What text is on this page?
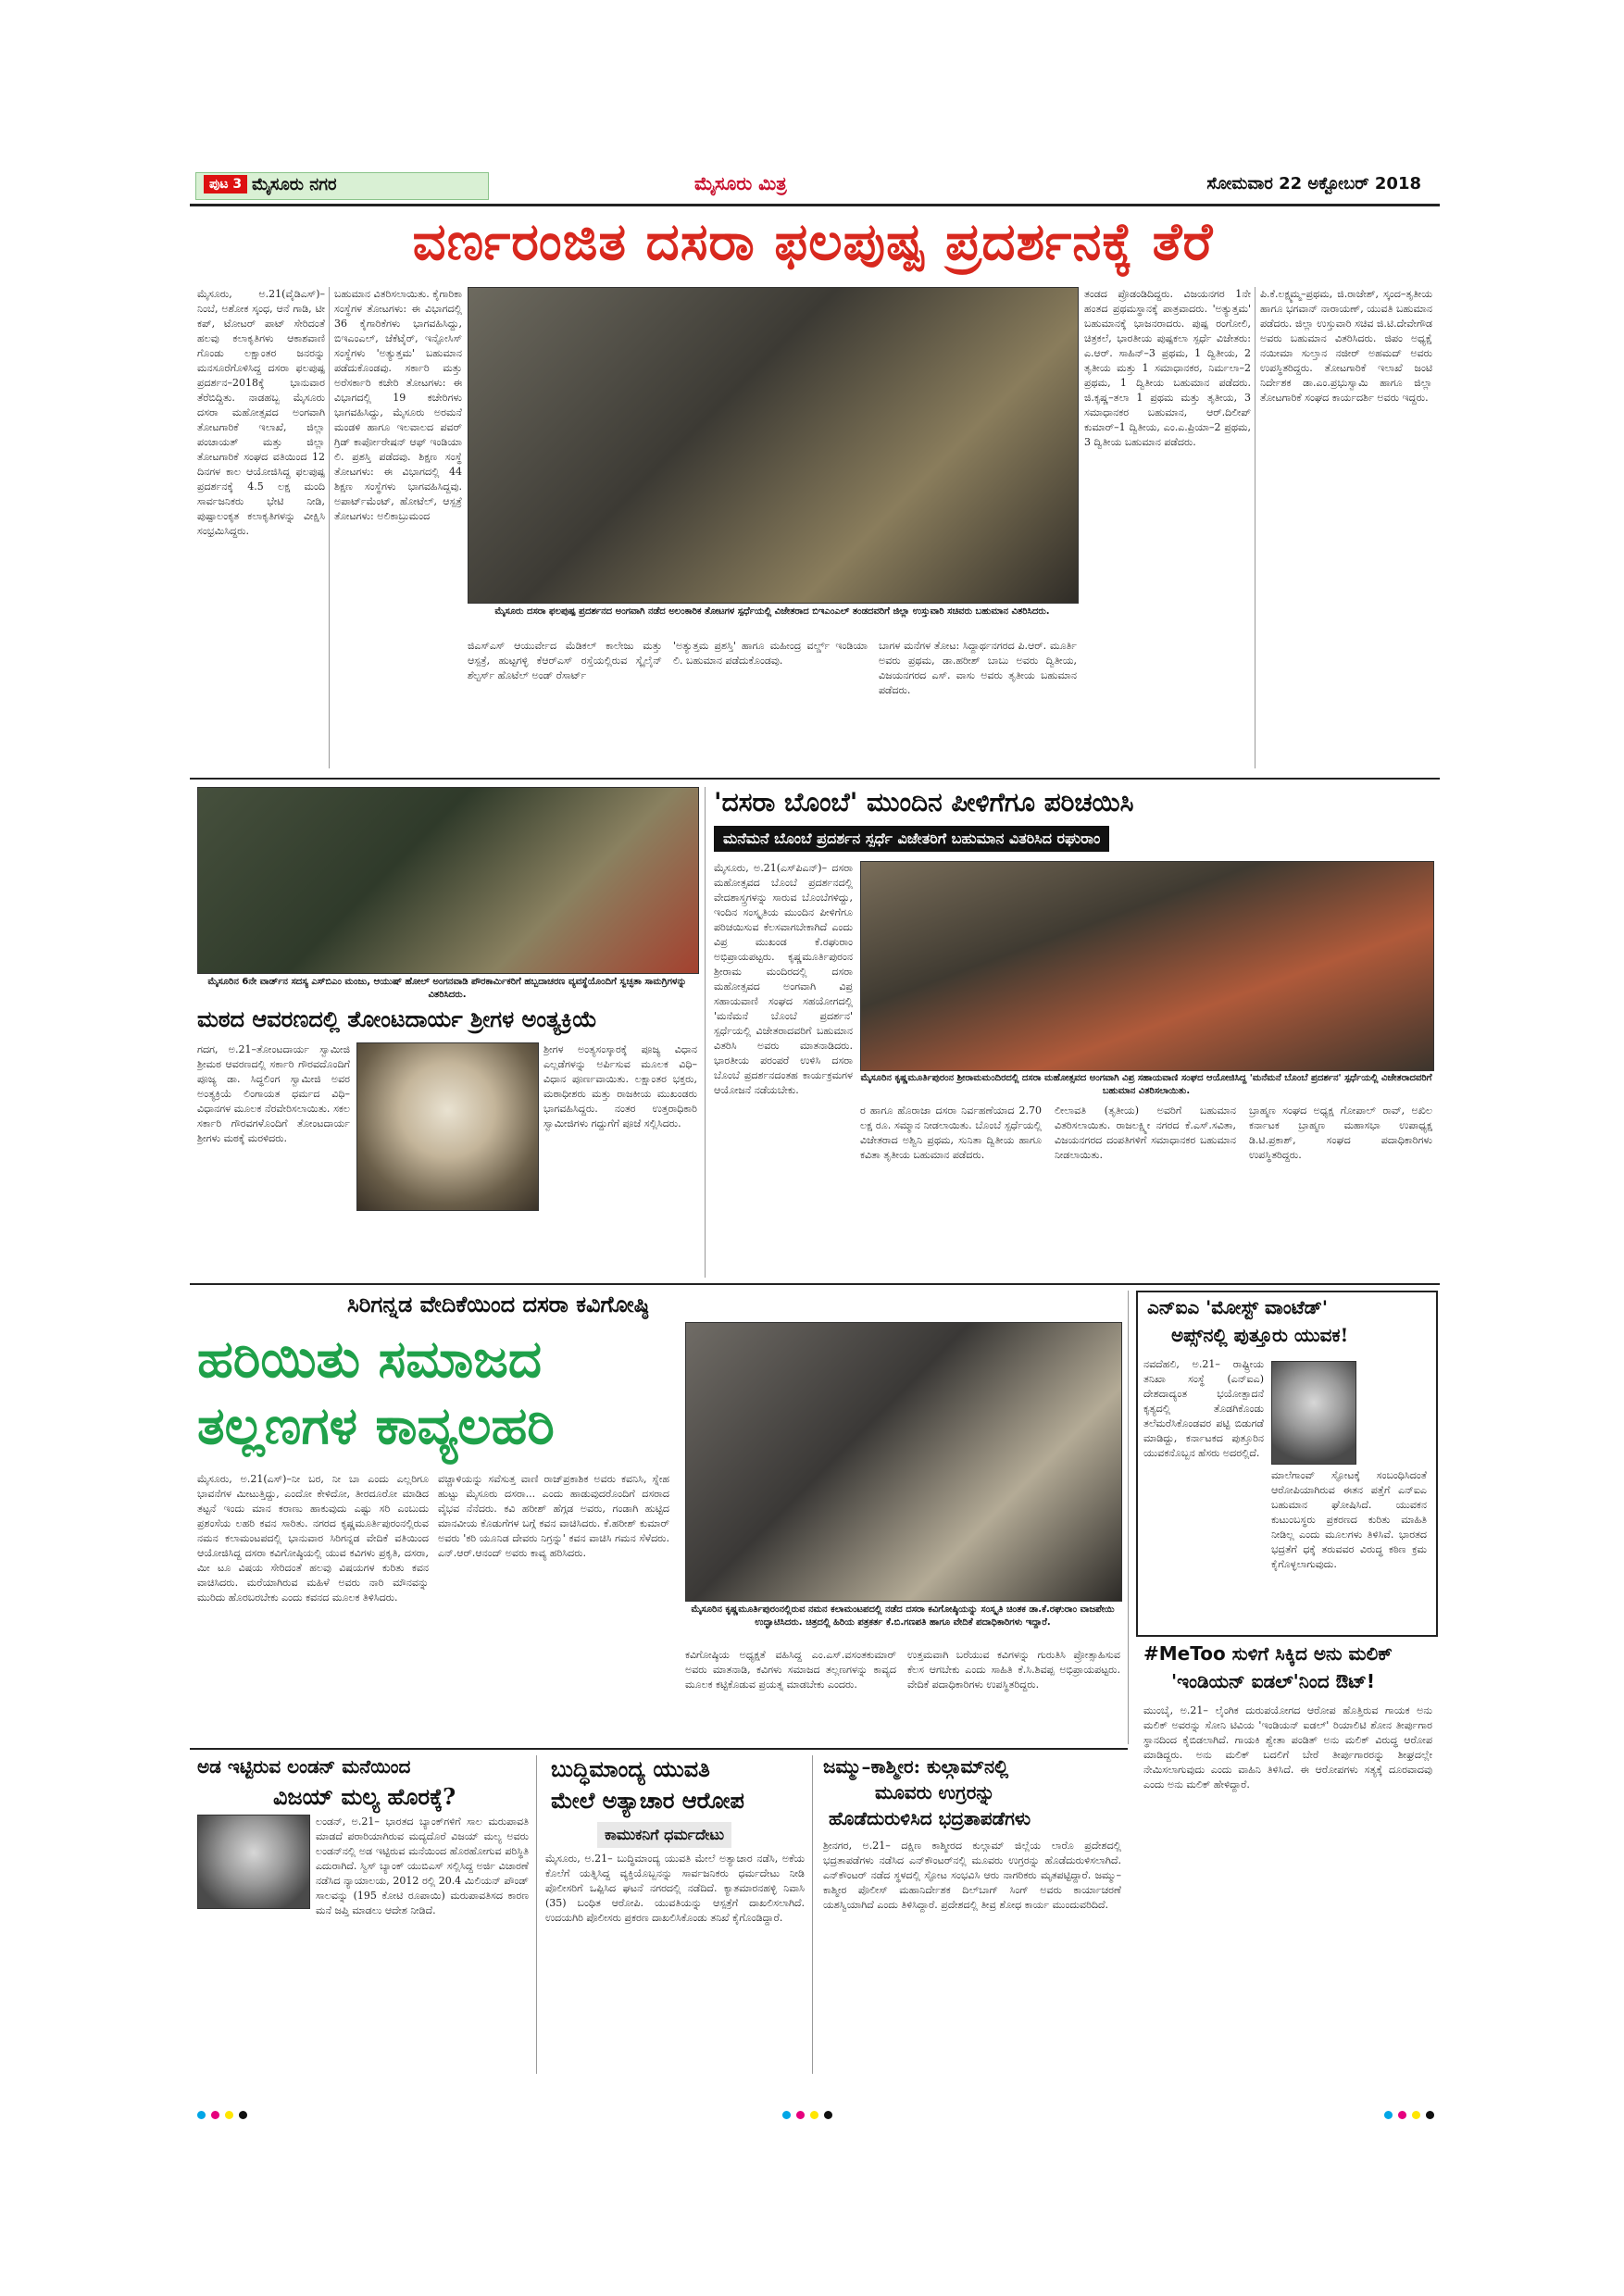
ಪುಟ 3 ಮೈಸೂರು ನಗರ	ಮೈಸೂರು ಮಿತ್ರ	ಸೋಮವಾರ 22 ಅಕ್ಟೋಬರ್ 2018
ವರ್ಣರಂಜಿತ ದಸರಾ ಫಲಪುಷ್ಪ ಪ್ರದರ್ಶನಕ್ಕೆ ತೆರೆ
ಮೈಸೂರು, ಅ.21(ವೈಡಿಎಸ್)– ನಿಂಬೆ, ಅಶೋಕ ಸ್ಕಂಧ, ಆನೆ ಗಾಡಿ, ಟೀ ಕಪ್, ಟೋಟರ್ ಪಾಟ್ ಸೇರಿದಂತೆ ಹಲವು ಕಲಾಕೃತಿಗಳು ಆಕಾಶವಾಣಿ ಗೊಂಡು ಲಕ್ಷಾಂತರ ಜನರನ್ನು ಮನಸೂರೆಗೊಳಿಸಿದ್ದ ದಸರಾ ಫಲಪುಷ್ಪ ಪ್ರದರ್ಶನ–2018ಕ್ಕೆ ಭಾನುವಾರ ತೆರೆಬಿದ್ದಿತು. ನಾಡಹಬ್ಬ ಮೈಸೂರು ದಸರಾ ಮಹೋತ್ಸವದ ಅಂಗವಾಗಿ ತೋಟಗಾರಿಕೆ ಇಲಾಖೆ, ಜಿಲ್ಲಾ ಪಂಚಾಯತ್ ಮತ್ತು ಜಿಲ್ಲಾ ತೋಟಗಾರಿಕೆ ಸಂಘದ ವತಿಯಿಂದ 12 ದಿನಗಳ ಕಾಲ ಆಯೋಜಿಸಿದ್ದ ಫಲಪುಷ್ಪ ಪ್ರದರ್ಶನಕ್ಕೆ 4.5 ಲಕ್ಷ ಮಂದಿ ಸಾರ್ವಜನಿಕರು ಭೇಟಿ ನೀಡಿ, ಪುಷ್ಪಾಲಂಕೃತ ಕಲಾಕೃತಿಗಳನ್ನು ವೀಕ್ಷಿಸಿ ಸಂಭ್ರಮಿಸಿದ್ದರು.
ಬಹುಮಾನ ವಿತರಿಸಲಾಯಿತು. ಕೈಗಾರಿಕಾ ಸಂಸ್ಥೆಗಳ ತೋಟಗಳು: ಈ ವಿಭಾಗದಲ್ಲಿ 36 ಕೈಗಾರಿಕೆಗಳು ಭಾಗವಹಿಸಿದ್ದು, ಬಿಇಎಂಎಲ್, ಜೆಕೆಟೈರ್, ಇನ್ಫೋಸಿಸ್ ಸಂಸ್ಥೆಗಳು 'ಅತ್ಯುತ್ತಮ' ಬಹುಮಾನ ಪಡೆದುಕೊಂಡವು. ಸರ್ಕಾರಿ ಮತ್ತು ಅರೆಸರ್ಕಾರಿ ಕಚೇರಿ ತೋಟಗಳು: ಈ ವಿಭಾಗದಲ್ಲಿ 19 ಕಚೇರಿಗಳು ಭಾಗವಹಿಸಿದ್ದು, ಮೈಸೂರು ಅರಮನೆ ಮಂಡಳಿ ಹಾಗೂ ಇಲವಾಲದ ಪವರ್ ಗ್ರಿಡ್ ಕಾರ್ಪೋರೇಷನ್ ಆಫ್ ಇಂಡಿಯಾ ಲಿ. ಪ್ರಶಸ್ತಿ ಪಡೆದವು. ಶಿಕ್ಷಣ ಸಂಸ್ಥೆ ತೋಟಗಳು: ಈ ವಿಭಾಗದಲ್ಲಿ 44 ಶಿಕ್ಷಣ ಸಂಸ್ಥೆಗಳು ಭಾಗವಹಿಸಿದ್ದವು. ಅಪಾರ್ಟ್‌ಮೆಂಟ್, ಹೋಟೆಲ್, ಆಸ್ಪತ್ರೆ ತೋಟಗಳು: ಅಲಿಕಾಬ್ರುಮಂದ
ಮೈಸೂರು ದಸರಾ ಫಲಪುಷ್ಪ ಪ್ರದರ್ಶನದ ಅಂಗವಾಗಿ ನಡೆದ ಅಲಂಕಾರಿಕ ತೋಟಗಳ ಸ್ಪರ್ಧೆಯಲ್ಲಿ ವಿಜೇತರಾದ ಬಿಇಎಂಎಲ್ ತಂಡದವರಿಗೆ ಜಿಲ್ಲಾ ಉಸ್ತುವಾರಿ ಸಚಿವರು ಬಹುಮಾನ ವಿತರಿಸಿದರು.
ಜಿಎಸ್‌ಎಸ್ ಆಯುರ್ವೇದ ಮೆಡಿಕಲ್ ಕಾಲೇಜು ಮತ್ತು ಆಸ್ಪತ್ರೆ, ಹುಟ್ಟಗಳ್ಳಿ ಕೆಆರ್‌ಎಸ್ ರಸ್ತೆಯಲ್ಲಿರುವ ಸ್ಕೈಲೈನ್ ಶೆಲ್ಟರ್ಸ್ ಹೊಟೆಲ್ ಅಂಡ್ ರೆಸಾರ್ಟ್
'ಅತ್ಯುತ್ತಮ ಪ್ರಶಸ್ತಿ' ಹಾಗೂ ಮಹೀಂದ್ರ ವರ್ಲ್ಡ್ ಇಂಡಿಯಾ ಲಿ. ಬಹುಮಾನ ಪಡೆದುಕೊಂಡವು.
ಬಾಗಳ ಮನೆಗಳ ತೋಟ: ಸಿದ್ದಾರ್ಥನಗರದ ಪಿ.ಆರ್. ಮೂರ್ತಿ ಅವರು ಪ್ರಥಮ, ಡಾ.ಹರೀಶ್ ಬಾಬು ಅವರು ದ್ವಿತೀಯ, ವಿಜಯನಗರದ ಎಸ್. ವಾಸು ಅವರು ತೃತೀಯ ಬಹುಮಾನ ಪಡೆದರು.
ತಂಡದ ಪ್ರೊಡಂಡಿದಿದ್ದರು. ವಿಜಯನಗರ 1ನೇ ಹಂತದ ಪ್ರಥಮಸ್ಥಾನಕ್ಕೆ ಪಾತ್ರವಾದರು. 'ಅತ್ಯುತ್ತಮ' ಬಹುಮಾನಕ್ಕೆ ಭಾಜನರಾದರು. ಪುಷ್ಪ ರಂಗೋಲಿ, ಚಿತ್ರಕಲೆ, ಭಾರತೀಯ ಪುಷ್ಪಕಲಾ ಸ್ಪರ್ಧೆ ವಿಜೇತರು: ಎ.ಆರ್. ಸಾಹಿನ್–3 ಪ್ರಥಮ, 1 ದ್ವಿತೀಯ, 2 ತೃತೀಯ ಮತ್ತು 1 ಸಮಾಧಾನಕರ, ನಿರ್ಮಲಾ–2 ಪ್ರಥಮ, 1 ದ್ವಿತೀಯ ಬಹುಮಾನ ಪಡೆದರು. ಜಿ.ಕೃಷ್ಣ–ತಲಾ 1 ಪ್ರಥಮ ಮತ್ತು ತೃತೀಯ, 3 ಸಮಾಧಾನಕರ ಬಹುಮಾನ, ಆರ್.ದಿಲೀಪ್ ಕುಮಾರ್–1 ದ್ವಿತೀಯ, ಎಂ.ಎ.ಪ್ರಿಯಾ–2 ಪ್ರಥಮ, 3 ದ್ವಿತೀಯ ಬಹುಮಾನ ಪಡೆದರು.
ಪಿ.ಕೆ.ಲಕ್ಷ್ಮಮ್ಮ–ಪ್ರಥಮ, ಜಿ.ರಾಜೇಶ್, ಸ್ಕಂದ–ತೃತೀಯ ಹಾಗೂ ಭಗವಾನ್ ನಾರಾಯಣ್, ಯುವತಿ ಬಹುಮಾನ ಪಡೆದರು. ಜಿಲ್ಲಾ ಉಸ್ತುವಾರಿ ಸಚಿವ ಜಿ.ಟಿ.ದೇವೇಗೌಡ ಅವರು ಬಹುಮಾನ ವಿತರಿಸಿದರು. ಜಿಪಂ ಅಧ್ಯಕ್ಷೆ ನಯೀಮಾ ಸುಲ್ತಾನ ನಜೀರ್ ಅಹಮದ್ ಅವರು ಉಪಸ್ಥಿತರಿದ್ದರು. ತೋಟಗಾರಿಕೆ ಇಲಾಖೆ ಜಂಟಿ ನಿರ್ದೇಶಕ ಡಾ.ಎಂ.ಪ್ರಭುಸ್ವಾಮಿ ಹಾಗೂ ಜಿಲ್ಲಾ ತೋಟಗಾರಿಕೆ ಸಂಘದ ಕಾರ್ಯದರ್ಶಿ ಅವರು ಇದ್ದರು.
ಮೈಸೂರಿನ 6ನೇ ವಾರ್ಡ್‌ನ ಸದಸ್ಯ ಎಸ್‌ಬಿಎಂ ಮಂಜು, ಆಯುಷ್ ಹೋಲ್ ಅಂಗನವಾಡಿ ಪೌರಕಾರ್ಮಿಕರಿಗೆ ಹಬ್ಬದಾಚರಣ ವ್ಯವಸ್ಥೆಯೊಂದಿಗೆ ಸ್ವಚ್ಛತಾ ಸಾಮಗ್ರಿಗಳನ್ನು ವಿತರಿಸಿದರು.
ಮಠದ ಆವರಣದಲ್ಲಿ ತೋಂಟದಾರ್ಯ ಶ್ರೀಗಳ ಅಂತ್ಯಕ್ರಿಯೆ
ಗದಗ, ಅ.21–ತೋಂಟದಾರ್ಯ ಸ್ವಾಮೀಜಿ ಶ್ರೀಮಠ ಆವರಣದಲ್ಲಿ ಸರ್ಕಾರಿ ಗೌರವದೊಂದಿಗೆ ಪೂಜ್ಯ ಡಾ. ಸಿದ್ಧಲಿಂಗ ಸ್ವಾಮೀಜಿ ಅವರ ಅಂತ್ಯಕ್ರಿಯೆ ಲಿಂಗಾಯತ ಧರ್ಮದ ವಿಧಿ–ವಿಧಾನಗಳ ಮೂಲಕ ನೆರವೇರಿಸಲಾಯಿತು. ಸಕಲ ಸರ್ಕಾರಿ ಗೌರವಗಳೊಂದಿಗೆ ತೋಂಟದಾರ್ಯ ಶ್ರೀಗಳು ಮಠಕ್ಕೆ ಮರಳಿದರು.
ಶ್ರೀಗಳ ಅಂತ್ಯಸಂಸ್ಕಾರಕ್ಕೆ ಪೂಜ್ಯ ವಿಧಾನ ಎಲ್ಲಡೆಗಳನ್ನು ಅರ್ಪಿಸುವ ಮೂಲಕ ವಿಧಿ–ವಿಧಾನ ಪೂರ್ಣವಾಯಿತು. ಲಕ್ಷಾಂತರ ಭಕ್ತರು, ಮಠಾಧೀಶರು ಮತ್ತು ರಾಜಕೀಯ ಮುಖಂಡರು ಭಾಗವಹಿಸಿದ್ದರು. ನಂತರ ಉತ್ತರಾಧಿಕಾರಿ ಸ್ವಾಮೀಜಿಗಳು ಗದ್ದುಗೆಗೆ ಪೂಜೆ ಸಲ್ಲಿಸಿದರು.
'ದಸರಾ ಬೊಂಬೆ' ಮುಂದಿನ ಪೀಳಿಗೆಗೂ ಪರಿಚಯಿಸಿ
ಮನೆಮನೆ ಬೊಂಬೆ ಪ್ರದರ್ಶನ ಸ್ಪರ್ಧೆ ವಿಜೇತರಿಗೆ ಬಹುಮಾನ ವಿತರಿಸಿದ ರಘುರಾಂ
ಮೈಸೂರು, ಅ.21(ಎಸ್‌ಪಿಎನ್)– ದಸರಾ ಮಹೋತ್ಸವದ ಬೊಂಬೆ ಪ್ರದರ್ಶನದಲ್ಲಿ ವೇದಶಾಸ್ತ್ರಗಳನ್ನು ಸಾರುವ ಬೊಂಬೆಗಳಿದ್ದು, ಇಂದಿನ ಸಂಸ್ಕೃತಿಯ ಮುಂದಿನ ಪೀಳಿಗೆಗೂ ಪರಿಚಯಿಸುವ ಕೆಲಸವಾಗಬೇಕಾಗಿದೆ ಎಂದು ವಿಪ್ರ ಮುಖಂಡ ಕೆ.ರಘುರಾಂ ಅಭಿಪ್ರಾಯಪಟ್ಟರು. ಕೃಷ್ಣಮೂರ್ತಿಪುರಂನ ಶ್ರೀರಾಮ ಮಂದಿರದಲ್ಲಿ ದಸರಾ ಮಹೋತ್ಸವದ ಅಂಗವಾಗಿ ವಿಪ್ರ ಸಹಾಯವಾಣಿ ಸಂಘದ ಸಹಯೋಗದಲ್ಲಿ 'ಮನೆಮನೆ ಬೊಂಬೆ ಪ್ರದರ್ಶನ' ಸ್ಪರ್ಧೆಯಲ್ಲಿ ವಿಜೇತರಾದವರಿಗೆ ಬಹುಮಾನ ವಿತರಿಸಿ ಅವರು ಮಾತನಾಡಿದರು. ಭಾರತೀಯ ಪರಂಪರೆ ಉಳಿಸಿ ದಸರಾ ಬೊಂಬೆ ಪ್ರದರ್ಶನದಂತಹ ಕಾರ್ಯಕ್ರಮಗಳ ಆಯೋಜನೆ ನಡೆಯಬೇಕು.
ಮೈಸೂರಿನ ಕೃಷ್ಣಮೂರ್ತಿಪುರಂನ ಶ್ರೀರಾಮಮಂದಿರದಲ್ಲಿ ದಸರಾ ಮಹೋತ್ಸವದ ಅಂಗವಾಗಿ ವಿಪ್ರ ಸಹಾಯವಾಣಿ ಸಂಘದ ಆಯೋಜಿಸಿದ್ದ 'ಮನೆಮನೆ ಬೊಂಬೆ ಪ್ರದರ್ಶನ' ಸ್ಪರ್ಧೆಯಲ್ಲಿ ವಿಜೇತರಾದವರಿಗೆ ಬಹುಮಾನ ವಿತರಿಸಲಾಯಿತು.
ರ ಹಾಗೂ ಹೊರಾಜಾ ದಸರಾ ನಿರ್ವಹಣೆಯಾದ 2.70 ಲಕ್ಷ ರೂ. ಸಮ್ಮಾನ ನೀಡಲಾಯಿತು. ಬೊಂಬೆ ಸ್ಪರ್ಧೆಯಲ್ಲಿ ವಿಜೇತರಾದ ಅಶ್ವಿನಿ ಪ್ರಥಮ, ಸುನಿತಾ ದ್ವಿತೀಯ ಹಾಗೂ ಕವಿತಾ ತೃತೀಯ ಬಹುಮಾನ ಪಡೆದರು.
ಲೀಲಾವತಿ (ತೃತೀಯ) ಅವರಿಗೆ ಬಹುಮಾನ ವಿತರಿಸಲಾಯಿತು. ರಾಜಲಕ್ಷ್ಮೀ ನಗರದ ಕೆ.ಎಸ್.ಸವಿತಾ, ವಿಜಯನಗರದ ದಂಪತಿಗಳಿಗೆ ಸಮಾಧಾನಕರ ಬಹುಮಾನ ನೀಡಲಾಯಿತು.
ಬ್ರಾಹ್ಮಣ ಸಂಘದ ಅಧ್ಯಕ್ಷ ಗೋಪಾಲ್ ರಾವ್, ಅಖಿಲ ಕರ್ನಾಟಕ ಬ್ರಾಹ್ಮಣ ಮಹಾಸಭಾ ಉಪಾಧ್ಯಕ್ಷ ಡಿ.ಟಿ.ಪ್ರಕಾಶ್, ಸಂಘದ ಪದಾಧಿಕಾರಿಗಳು ಉಪಸ್ಥಿತರಿದ್ದರು.
ಸಿರಿಗನ್ನಡ ವೇದಿಕೆಯಿಂದ ದಸರಾ ಕವಿಗೋಷ್ಠಿ
ಹರಿಯಿತು ಸಮಾಜದ
ತಲ್ಲಣಗಳ ಕಾವ್ಯಲಹರಿ
ಮೈಸೂರು, ಅ.21(ಎಸ್‌)–ನೀ ಬರ, ನೀ ಬಾ ಎಂದು ಎಲ್ಲರಿಗೂ ಭಾವನೆಗಳ ಮೀಟುತ್ತಿದ್ದು, ಎಂದೋ ಕೇಳಿದೋ, ತೀರದೂರೋ ಮಾಡಿದ ತಟ್ಟನೆ ಇಂದು ಮಾನ ಕರಾಣು ಹಾಕುವುದು ಎಷ್ಟು ಸರಿ ಎಂಬುದು ಪ್ರಶಂಸೆಯ ಲಹರಿ ಕವನ ಸಾರಿತು. ನಗರದ ಕೃಷ್ಣಮೂರ್ತಿಪುರಂನಲ್ಲಿರುವ ನಮನ ಕಲಾಮಂಟಪದಲ್ಲಿ ಭಾನುವಾರ ಸಿರಿಗನ್ನಡ ವೇದಿಕೆ ವತಿಯಿಂದ ಆಯೋಜಿಸಿದ್ದ ದಸರಾ ಕವಿಗೋಷ್ಠಿಯಲ್ಲಿ ಯುವ ಕವಿಗಳು ಪ್ರಕೃತಿ, ದಸರಾ, ಮೀ ಟೂ ವಿಷಯ ಸೇರಿದಂತೆ ಹಲವು ವಿಷಯಗಳ ಕುರಿತು ಕವನ ವಾಚಿಸಿದರು. ಮರೆಯಾಗಿರುವ ಮಹಿಳೆ ಅವರು ನಾರಿ ಮೌನವನ್ನು ಮುರಿದು ಹೊರಬರಬೇಕು ಎಂದು ಕವನದ ಮೂಲಕ ತಿಳಿಸಿದರು.
ವಚ್ಚಾಳಿಯನ್ನು ಸವೆಸುತ್ತ ವಾಣಿ ರಾಜ್‌ಪ್ರಕಾಶಿಕ ಅವರು ಕವನಿಸಿ, ಸ್ನೇಹ ಹುಟ್ಟು ಮೈಸೂರು ದಸರಾ... ಎಂದು ಹಾಡುವುದರೊಂದಿಗೆ ದಸರಾದ ವೈಭವ ನೆನೆದರು. ಕವಿ ಹರೀಶ್ ಹೆಗ್ಗಡ ಅವರು, ಗಂಡಾಗಿ ಹುಟ್ಟಿದ ಮಾನವೀಯ ಕೊಡುಗೆಗಳ ಬಗ್ಗೆ ಕವನ ವಾಚಿಸಿದರು. ಕೆ.ಹರೀಶ್ ಕುಮಾರ್ ಅವರು 'ಕರಿ ಯೂನಿಡ ದೇವರು ನಿಗ್ರನ್ನು' ಕವನ ವಾಚಿಸಿ ಗಮನ ಸೆಳೆದರು. ಎನ್.ಆರ್.ಆನಂದ್ ಅವರು ಕಾವ್ಯ ಹರಿಸಿದರು.
ಮೈಸೂರಿನ ಕೃಷ್ಣಮೂರ್ತಿಪುರಂನಲ್ಲಿರುವ ನಮನ ಕಲಾಮಂಟಪದಲ್ಲಿ ನಡೆದ ದಸರಾ ಕವಿಗೋಷ್ಠಿಯನ್ನು ಸಂಸ್ಕೃತಿ ಚಿಂತಕ ಡಾ.ಕೆ.ರಘುರಾಂ ವಾಜಪೇಯಿ ಉದ್ಘಾಟಿಸಿದರು. ಚಿತ್ರದಲ್ಲಿ ಹಿರಿಯ ಪತ್ರಕರ್ತ ಕೆ.ಬಿ.ಗಣಪತಿ ಹಾಗೂ ವೇದಿಕೆ ಪದಾಧಿಕಾರಿಗಳು ಇದ್ದಾರೆ.
ಕವಿಗೋಷ್ಠಿಯ ಅಧ್ಯಕ್ಷತೆ ವಹಿಸಿದ್ದ ಎಂ.ಎಸ್.ವಸಂತಕುಮಾರ್ ಅವರು ಮಾತನಾಡಿ, ಕವಿಗಳು ಸಮಾಜದ ತಲ್ಲಣಗಳನ್ನು ಕಾವ್ಯದ ಮೂಲಕ ಕಟ್ಟಿಕೊಡುವ ಪ್ರಯತ್ನ ಮಾಡಬೇಕು ಎಂದರು.
ಉತ್ತಮವಾಗಿ ಬರೆಯುವ ಕವಿಗಳನ್ನು ಗುರುತಿಸಿ ಪ್ರೋತ್ಸಾಹಿಸುವ ಕೆಲಸ ಆಗಬೇಕು ಎಂದು ಸಾಹಿತಿ ಕೆ.ಸಿ.ಶಿವಪ್ಪ ಅಭಿಪ್ರಾಯಪಟ್ಟರು. ವೇದಿಕೆ ಪದಾಧಿಕಾರಿಗಳು ಉಪಸ್ಥಿತರಿದ್ದರು.
ಎನ್‌ಐಎ 'ಮೋಸ್ಟ್ ವಾಂಟೆಡ್'
ಅಪ್ಸ್‌ನಲ್ಲಿ ಪುತ್ತೂರು ಯುವಕ!
ನವದೆಹಲಿ, ಅ.21– ರಾಷ್ಟ್ರೀಯ ತನಿಖಾ ಸಂಸ್ಥೆ (ಎನ್‌ಐಎ) ದೇಶದಾದ್ಯಂತ ಭಯೋತ್ಪಾದನೆ ಕೃತ್ಯದಲ್ಲಿ ತೊಡಗಿಕೊಂಡು ತಲೆಮರೆಸಿಕೊಂಡವರ ಪಟ್ಟಿ ಬಿಡುಗಡೆ ಮಾಡಿದ್ದು, ಕರ್ನಾಟಕದ ಪುತ್ತೂರಿನ ಯುವಕನೊಬ್ಬನ ಹೆಸರು ಅದರಲ್ಲಿದೆ.
ಮಾಲೆಗಾಂವ್ ಸ್ಫೋಟಕ್ಕೆ ಸಂಬಂಧಿಸಿದಂತೆ ಆರೋಪಿಯಾಗಿರುವ ಈತನ ಪತ್ತೆಗೆ ಎನ್‌ಐಎ ಬಹುಮಾನ ಘೋಷಿಸಿದೆ. ಯುವಕನ ಕುಟುಂಬಸ್ಥರು ಪ್ರಕರಣದ ಕುರಿತು ಮಾಹಿತಿ ನೀಡಿಲ್ಲ ಎಂದು ಮೂಲಗಳು ತಿಳಿಸಿವೆ. ಭಾರತದ ಭದ್ರತೆಗೆ ಧಕ್ಕೆ ತರುವವರ ವಿರುದ್ಧ ಕಠಿಣ ಕ್ರಮ ಕೈಗೊಳ್ಳಲಾಗುವುದು.
#MeToo ಸುಳಿಗೆ ಸಿಕ್ಕಿದ ಅನು ಮಲಿಕ್
'ಇಂಡಿಯನ್ ಐಡಲ್'ನಿಂದ ಔಟ್!
ಮುಂಬೈ, ಅ.21– ಲೈಂಗಿಕ ದುರುಪಯೋಗದ ಆರೋಪ ಹೊತ್ತಿರುವ ಗಾಯಕ ಅನು ಮಲಿಕ್ ಅವರನ್ನು ಸೋನಿ ಟಿವಿಯ 'ಇಂಡಿಯನ್ ಐಡಲ್' ರಿಯಾಲಿಟಿ ಶೋನ ತೀರ್ಪುಗಾರ ಸ್ಥಾನದಿಂದ ಕೈಬಿಡಲಾಗಿದೆ. ಗಾಯಕಿ ಶ್ವೇತಾ ಪಂಡಿತ್ ಅನು ಮಲಿಕ್ ವಿರುದ್ಧ ಆರೋಪ ಮಾಡಿದ್ದರು. ಅನು ಮಲಿಕ್ ಬದಲಿಗೆ ಬೇರೆ ತೀರ್ಪುಗಾರರನ್ನು ಶೀಘ್ರದಲ್ಲೇ ನೇಮಿಸಲಾಗುವುದು ಎಂದು ವಾಹಿನಿ ತಿಳಿಸಿದೆ. ಈ ಆರೋಪಗಳು ಸತ್ಯಕ್ಕೆ ದೂರವಾದವು ಎಂದು ಅನು ಮಲಿಕ್ ಹೇಳಿದ್ದಾರೆ.
ಅಡ ಇಟ್ಟಿರುವ ಲಂಡನ್ ಮನೆಯಿಂದ
ವಿಜಯ್ ಮಲ್ಯ ಹೊರಕ್ಕೆ?
ಲಂಡನ್, ಅ.21– ಭಾರತದ ಬ್ಯಾಂಕ್‌ಗಳಿಗೆ ಸಾಲ ಮರುಪಾವತಿ ಮಾಡದೆ ಪರಾರಿಯಾಗಿರುವ ಮದ್ಯದೊರೆ ವಿಜಯ್ ಮಲ್ಯ ಅವರು ಲಂಡನ್‌ನಲ್ಲಿ ಅಡ ಇಟ್ಟಿರುವ ಮನೆಯಿಂದ ಹೊರಹೋಗುವ ಪರಿಸ್ಥಿತಿ ಎದುರಾಗಿದೆ. ಸ್ವಿಸ್ ಬ್ಯಾಂಕ್ ಯುಬಿಎಸ್ ಸಲ್ಲಿಸಿದ್ದ ಅರ್ಜಿ ವಿಚಾರಣೆ ನಡೆಸಿದ ನ್ಯಾಯಾಲಯ, 2012 ರಲ್ಲಿ 20.4 ಮಿಲಿಯನ್ ಪೌಂಡ್ ಸಾಲವನ್ನು (195 ಕೋಟಿ ರೂಪಾಯಿ) ಮರುಪಾವತಿಸದ ಕಾರಣ ಮನೆ ಜಪ್ತಿ ಮಾಡಲು ಆದೇಶ ನೀಡಿದೆ.
ಬುದ್ಧಿಮಾಂದ್ಯ ಯುವತಿ
ಮೇಲೆ ಅತ್ಯಾಚಾರ ಆರೋಪ
ಕಾಮುಕನಿಗೆ ಧರ್ಮದೇಟು
ಮೈಸೂರು, ಅ.21– ಬುದ್ಧಿಮಾಂದ್ಯ ಯುವತಿ ಮೇಲೆ ಅತ್ಯಾಚಾರ ನಡೆಸಿ, ಅಕೆಯ ಕೊಲೆಗೆ ಯತ್ನಿಸಿದ್ದ ವ್ಯಕ್ತಿಯೊಬ್ಬನನ್ನು ಸಾರ್ವಜನಿಕರು ಧರ್ಮದೇಟು ನೀಡಿ ಪೊಲೀಸರಿಗೆ ಒಪ್ಪಿಸಿದ ಘಟನೆ ನಗರದಲ್ಲಿ ನಡೆದಿದೆ. ಕ್ಯಾತಮಾರನಹಳ್ಳಿ ನಿವಾಸಿ (35) ಬಂಧಿತ ಆರೋಪಿ. ಯುವತಿಯನ್ನು ಆಸ್ಪತ್ರೆಗೆ ದಾಖಲಿಸಲಾಗಿದೆ. ಉದಯಗಿರಿ ಪೊಲೀಸರು ಪ್ರಕರಣ ದಾಖಲಿಸಿಕೊಂಡು ತನಿಖೆ ಕೈಗೊಂಡಿದ್ದಾರೆ.
ಜಮ್ಮು–ಕಾಶ್ಮೀರ: ಕುಲ್ಗಾಮ್‌ನಲ್ಲಿ
ಮೂವರು ಉಗ್ರರನ್ನು
ಹೊಡೆದುರುಳಿಸಿದ ಭದ್ರತಾಪಡೆಗಳು
ಶ್ರೀನಗರ, ಅ.21– ದಕ್ಷಿಣ ಕಾಶ್ಮೀರದ ಕುಲ್ಗಾಮ್ ಜಿಲ್ಲೆಯ ಲಾರೊ ಪ್ರದೇಶದಲ್ಲಿ ಭದ್ರತಾಪಡೆಗಳು ನಡೆಸಿದ ಎನ್‌ಕೌಂಟರ್‌ನಲ್ಲಿ ಮೂವರು ಉಗ್ರರನ್ನು ಹೊಡೆದುರುಳಿಸಲಾಗಿದೆ. ಎನ್‌ಕೌಂಟರ್ ನಡೆದ ಸ್ಥಳದಲ್ಲಿ ಸ್ಫೋಟ ಸಂಭವಿಸಿ ಆರು ನಾಗರಿಕರು ಮೃತಪಟ್ಟಿದ್ದಾರೆ. ಜಮ್ಮು–ಕಾಶ್ಮೀರ ಪೊಲೀಸ್ ಮಹಾನಿರ್ದೇಶಕ ದಿಲ್‌ಬಾಗ್ ಸಿಂಗ್ ಅವರು ಕಾರ್ಯಾಚರಣೆ ಯಶಸ್ವಿಯಾಗಿದೆ ಎಂದು ತಿಳಿಸಿದ್ದಾರೆ. ಪ್ರದೇಶದಲ್ಲಿ ತೀವ್ರ ಶೋಧ ಕಾರ್ಯ ಮುಂದುವರಿದಿದೆ.
